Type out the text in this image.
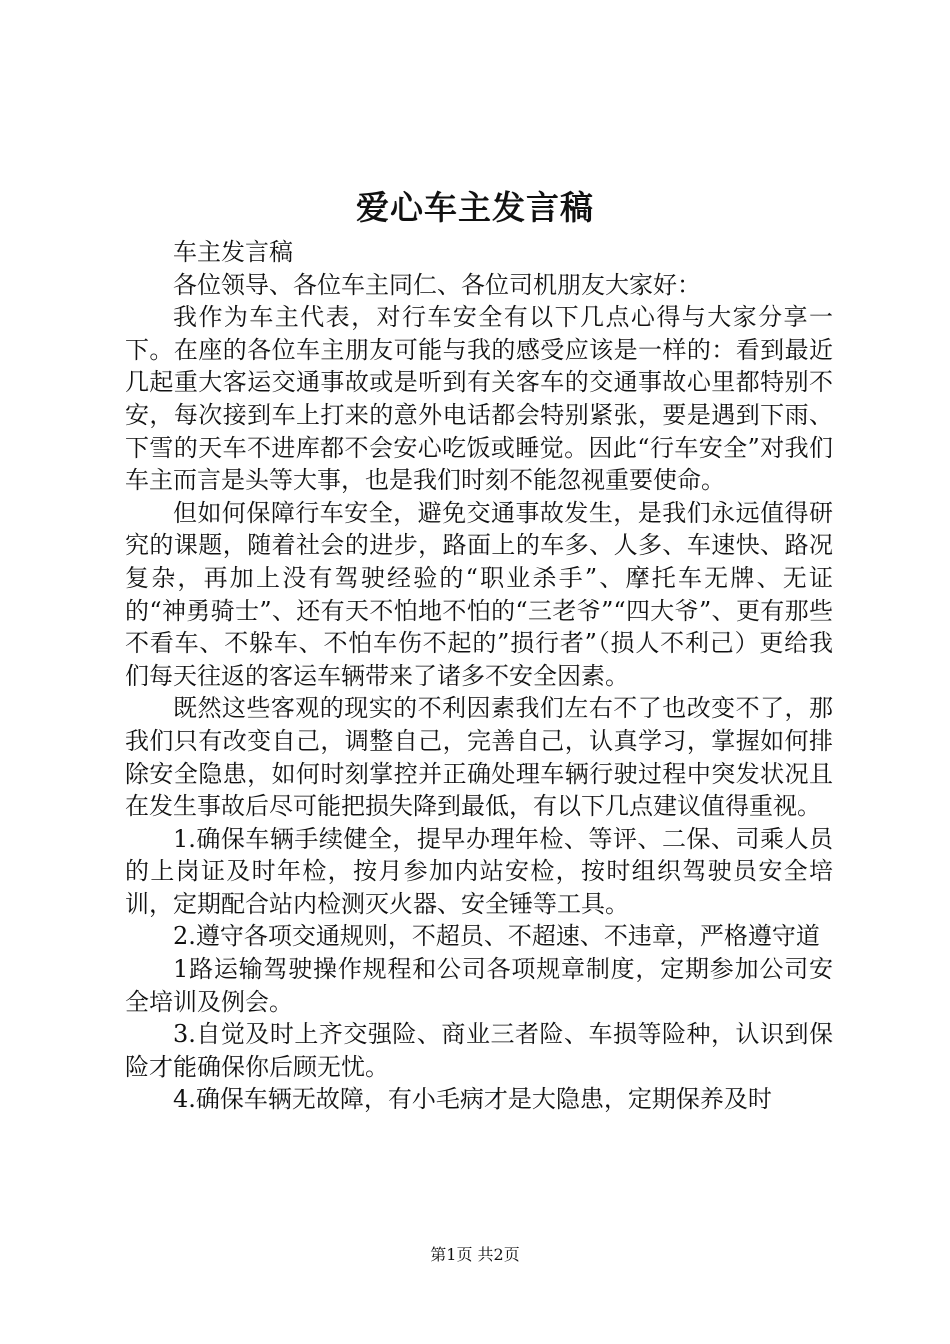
爱心车主发言稿

车主发言稿

各位领导、各位车主同仁、各位司机朋友大家好：

我作为车主代表，对行车安全有以下几点心得与大家分享一下。在座的各位车主朋友可能与我的感受应该是一样的：看到最近几起重大客运交通事故或是听到有关客车的交通事故心里都特别不安，每次接到车上打来的意外电话都会特别紧张，要是遇到下雨、下雪的天车不进库都不会安心吃饭或睡觉。因此“行车安全”对我们车主而言是头等大事，也是我们时刻不能忽视重要使命。

但如何保障行车安全，避免交通事故发生，是我们永远值得研究的课题，随着社会的进步，路面上的车多、人多、车速快、路况复杂，再加上没有驾驶经验的“职业杀手”、摩托车无牌、无证的“神勇骑士”、还有天不怕地不怕的“三老爷”“四大爷”、更有那些不看车、不躲车、不怕车伤不起的”损行者”（损人不利己）更给我们每天往返的客运车辆带来了诸多不安全因素。

既然这些客观的现实的不利因素我们左右不了也改变不了，那我们只有改变自己，调整自己，完善自己，认真学习，掌握如何排除安全隐患，如何时刻掌控并正确处理车辆行驶过程中突发状况且在发生事故后尽可能把损失降到最低，有以下几点建议值得重视。

1.确保车辆手续健全，提早办理年检、等评、二保、司乘人员的上岗证及时年检，按月参加内站安检，按时组织驾驶员安全培训，定期配合站内检测灭火器、安全锤等工具。

2.遵守各项交通规则，不超员、不超速、不违章，严格遵守道

1路运输驾驶操作规程和公司各项规章制度，定期参加公司安全培训及例会。

3.自觉及时上齐交强险、商业三者险、车损等险种，认识到保险才能确保你后顾无忧。

4.确保车辆无故障，有小毛病才是大隐患，定期保养及时

第1页 共2页
